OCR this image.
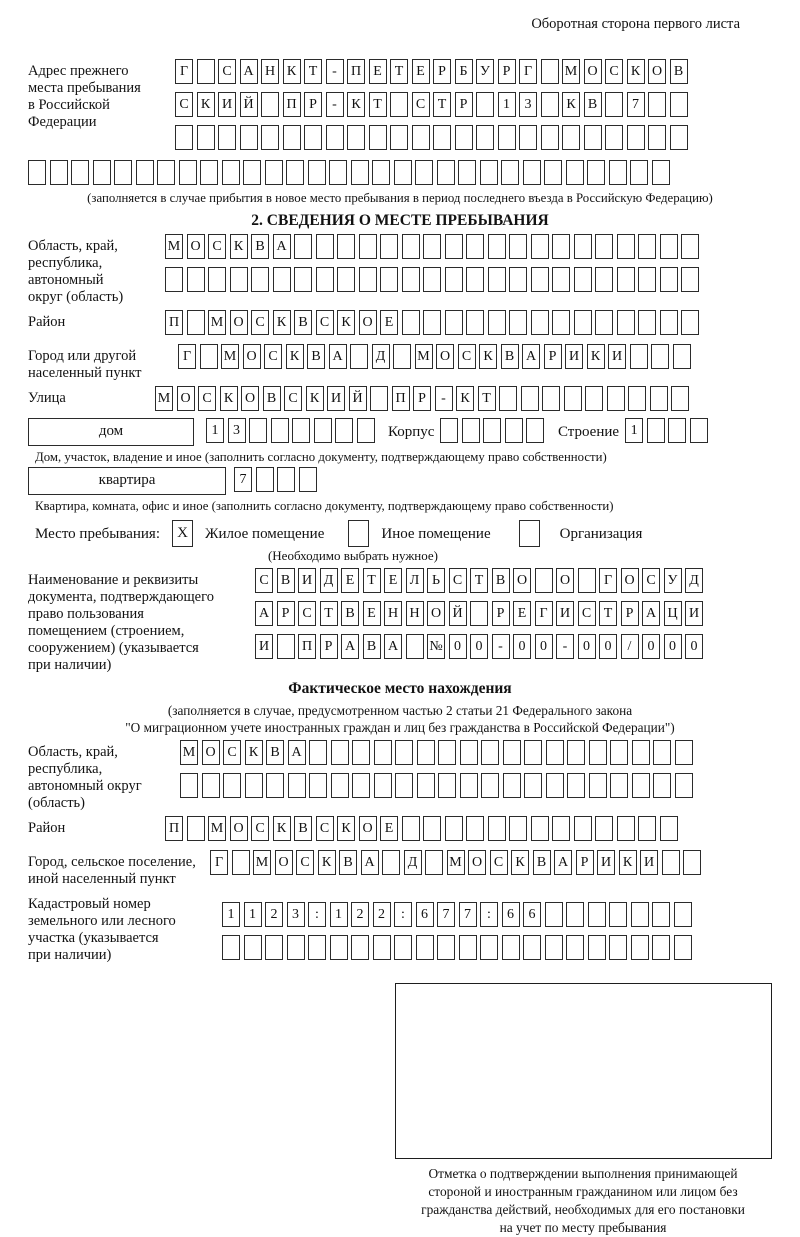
Оборотная сторона первого листа
Адрес прежнего
места пребывания
в Российской
Федерации
Г С А Н К Т - П Е Т Е Р Б У Р Г М О С К О В
С К И Й П Р - К Т С Т Р	1 3 К В 7

(заполняется в случае прибытия в новое место пребывания в период последнего въезда в Российскую Федерацию)
2. СВЕДЕНИЯ О МЕСТЕ ПРЕБЫВАНИЯ
Область, край,
республика,
автономный
округ (область)
М О С К В А

Район	П М О С К В С К О Е
Город или другой
населенный пункт
Г М О С К В А Д М О С К В А Р И К И
Улица	М О С К О В С К И Й П Р - К Т
дом	1 3	Корпус	Строение 1
Дом, участок, владение и иное (заполнить согласно документу, подтверждающему право собственности)
квартира	7
Квартира, комната, офис и иное (заполнить согласно документу, подтверждающему право собственности)
Место пребывания: X Жилое помещение	Иное помещение	Организация
(Необходимо выбрать нужное)
Наименование и реквизиты
документа, подтверждающего
право пользования
помещением (строением,
сооружением) (указывается
при наличии)
С В И Д Е Т Е Л Ь С Т В О О Г О С У Д
А Р С Т В Е Н Н О Й Р Е Г И С Т Р А Ц И
И П Р А В А № 0 0 - 0 0 - 0 0 / 0 0 0
Фактическое место нахождения
(заполняется в случае, предусмотренном частью 2 статьи 21 Федерального закона
"О миграционном учете иностранных граждан и лиц без гражданства в Российской Федерации")
Область, край,
республика,
автономный округ
(область)
М О С К В А

Район	П М О С К В С К О Е
Город, сельское поселение,
иной населенный пункт
Г М О С К В А Д М О С К В А Р И К И
Кадастровый номер
земельного или лесного
участка (указывается
при наличии)
1 1 2 3 : 1 2 2 : 6 7 7 : 6 6

Отметка о подтверждении выполнения принимающей
стороной и иностранным гражданином или лицом без
гражданства действий, необходимых для его постановки
на учет по месту пребывания
